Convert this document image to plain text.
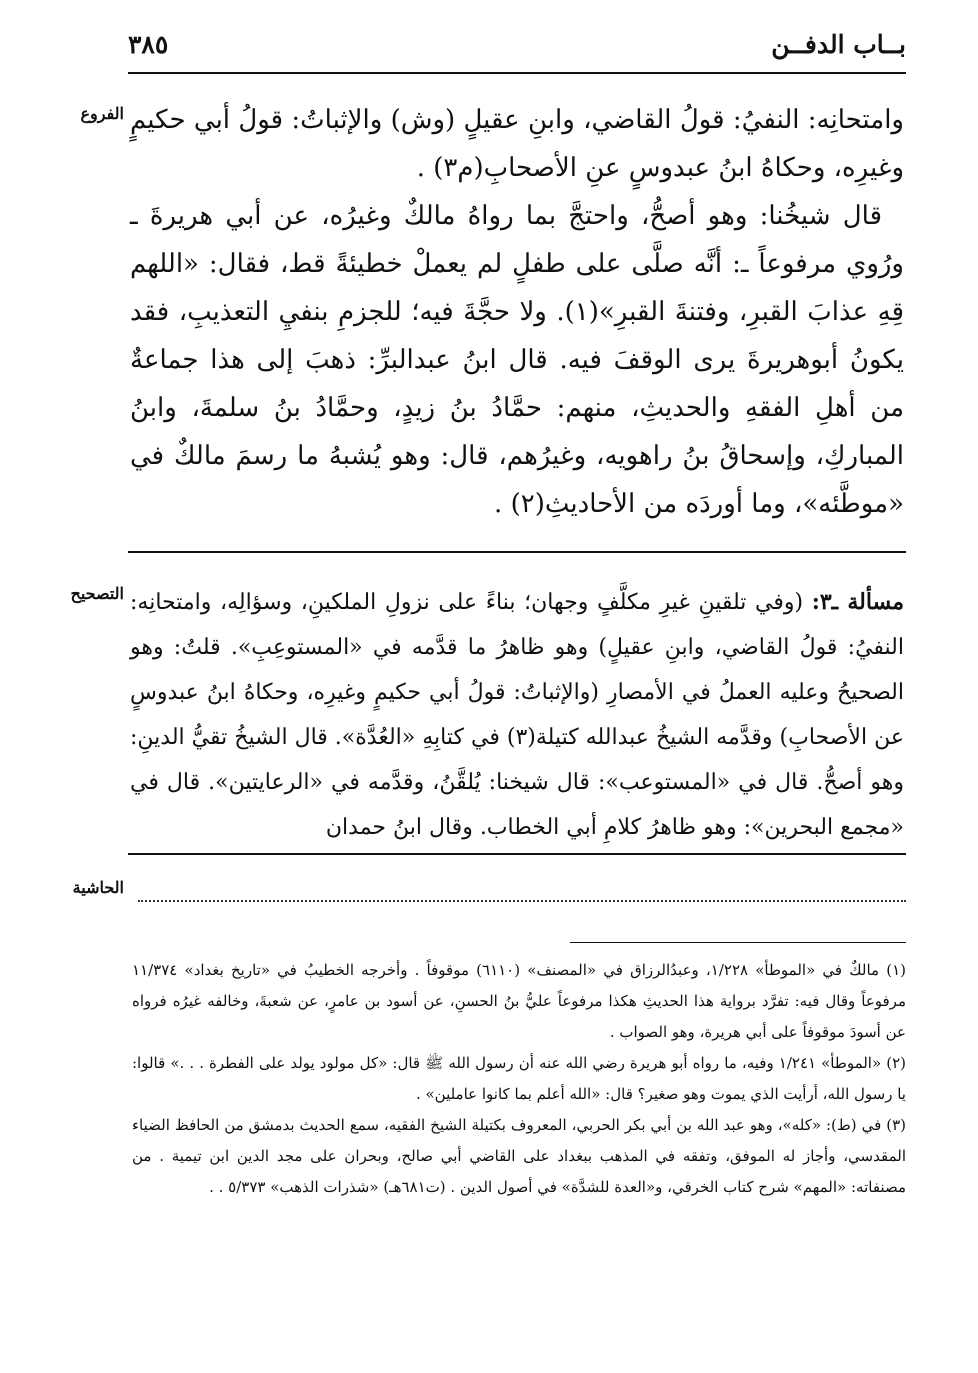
بــاب الدفــن
٣٨٥
الفروع وامتحانِه: النفيُ: قولُ القاضي، وابنِ عقيلٍ (وش) والإثباتُ: قولُ أبي حكيمٍ وغيرِه، وحكاهُ ابنُ عبدوسٍ عنِ الأصحابِ(م٣) .

قال شيخُنا: وهو أصحُّ، واحتجَّ بما رواهُ مالكٌ وغيرُه، عن أبي هريرةَ ـ ورُوي مرفوعاً ـ: أنَّه صلَّى على طفلٍ لم يعملْ خطيئةً قط، فقال: «اللهم قِهِ عذابَ القبرِ، وفتنةَ القبرِ»(١). ولا حجَّةَ فيه؛ للجزمِ بنفيِ التعذيبِ، فقد يكونُ أبوهريرةَ يرى الوقفَ فيه. قال ابنُ عبدالبرِّ: ذهبَ إلى هذا جماعةٌ من أهلِ الفقهِ والحديثِ، منهم: حمَّادُ بنُ زيدٍ، وحمَّادُ بنُ سلمةَ، وابنُ المباركِ، وإسحاقُ بنُ راهويه، وغيرُهم، قال: وهو يُشبهُ ما رسمَ مالكٌ في «موطَّئه»، وما أوردَه من الأحاديثِ(٢) .

التصحيح	مسألة ـ٣: (وفي تلقينِ غيرِ مكلَّفٍ وجهان؛ بناءً على نزولِ الملكينِ، وسؤالِه، وامتحانِه: النفيُ: قولُ القاضي، وابنِ عقيلٍ) وهو ظاهرُ ما قدَّمه في «المستوعِبِ». قلتُ: وهو الصحيحُ وعليه العملُ في الأمصارِ (والإثباتُ: قولُ أبي حكيمٍ وغيرِه، وحكاهُ ابنُ عبدوسٍ عن الأصحابِ) وقدَّمه الشيخُ عبدالله كتيلة(٣) في كتابِهِ «العُدَّة». قال الشيخُ تقيُّ الدينِ: وهو أصحُّ. قال في «المستوعب»: قال شيخنا: يُلقَّنُ، وقدَّمه في «الرعايتين». قال في «مجمع البحرين»: وهو ظاهرُ كلامِ أبي الخطاب. وقال ابنُ حمدان

الحاشية

(١) مالكٌ في «الموطأ» ١/٢٢٨، وعبدُالرزاق في «المصنف» (٦١١٠) موقوفاً . وأخرجه الخطيبُ في «تاريخ بغداد» ١١/٣٧٤ مرفوعاً وقال فيه: تفرَّد برواية هذا الحديثِ هكذا مرفوعاً عليُّ بنُ الحسنِ، عن أسود بن عامرٍ، عن شعبةَ، وخالفه غيرُه فرواه عن أسودَ موقوفاً على أبي هريرة، وهو الصواب .

(٢) «الموطأ» ١/٢٤١ وفيه، ما رواه أبو هريرة رضي الله عنه أن رسول الله ﷺ قال: «كل مولود يولد على الفطرة . . .» قالوا: يا رسول الله، أرأيت الذي يموت وهو صغير؟ قال: «الله أعلم بما كانوا عاملين» .

(٣) في (ط): «كله»، وهو عبد الله بن أبي بكر الحربي، المعروف بكتيلة الشيخ الفقيه، سمع الحديث بدمشق من الحافظ الضياء المقدسي، وأجاز له الموفق، وتفقه في المذهب ببغداد على القاضي أبي صالح، وبحران على مجد الدين ابن تيمية . من مصنفاته: «المهم» شرح كتاب الخرقي، و«العدة للشدَّة» في أصول الدين . (ت٦٨١هـ) «شذرات الذهب» ٥/٣٧٣ . .
